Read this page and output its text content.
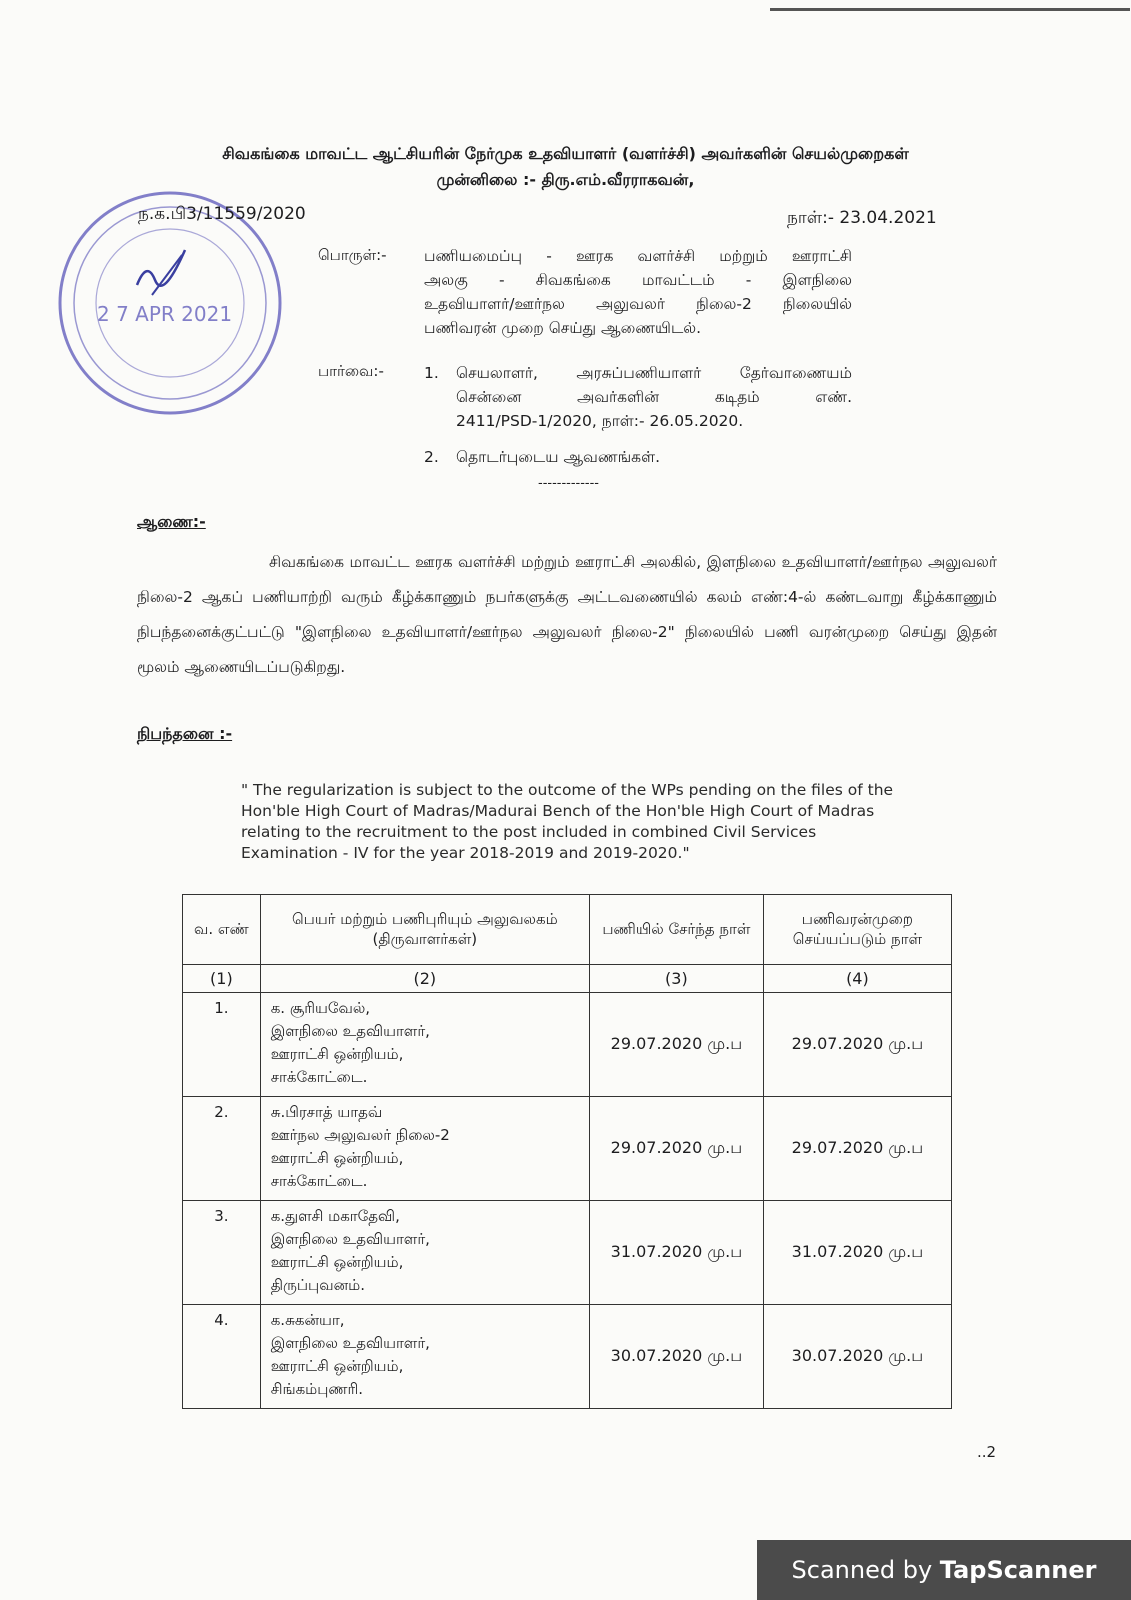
2 7 APR 2021
சிவகங்கை மாவட்ட ஆட்சியரின் நேர்முக உதவியாளர் (வளர்ச்சி) அவர்களின் செயல்முறைகள்
முன்னிலை :- திரு.எம்.வீரராகவன்,
ந.க.பி3/11559/2020	நாள்:- 23.04.2021
பொருள்:- பணியமைப்பு - ஊரக வளர்ச்சி மற்றும் ஊராட்சி
அலகு - சிவகங்கை மாவட்டம் - இளநிலை
உதவியாளர்/ஊர்நல அலுவலர் நிலை-2 நிலையில்
பணிவரன் முறை செய்து ஆணையிடல்.
பார்வை:-	1. செயலாளர், அரசுப்பணியாளர் தேர்வாணையம்
சென்னை அவர்களின் கடிதம் எண்.
2411/PSD-1/2020, நாள்:- 26.05.2020.
2. தொடர்புடைய ஆவணங்கள்.
-------------
ஆணை:-
சிவகங்கை மாவட்ட ஊரக வளர்ச்சி மற்றும் ஊராட்சி அலகில், இளநிலை உதவியாளர்/ஊர்நல அலுவலர் நிலை-2 ஆகப் பணியாற்றி வரும் கீழ்க்காணும் நபர்களுக்கு அட்டவணையில் கலம் எண்:4-ல் கண்டவாறு கீழ்க்காணும் நிபந்தனைக்குட்பட்டு "இளநிலை உதவியாளர்/ஊர்நல அலுவலர் நிலை-2" நிலையில் பணி வரன்முறை செய்து இதன் மூலம் ஆணையிடப்படுகிறது.
நிபந்தனை :-
" The regularization is subject to the outcome of the WPs pending on the files of the Hon'ble High Court of Madras/Madurai Bench of the Hon'ble High Court of Madras relating to the recruitment to the post included in combined Civil Services Examination - IV for the year 2018-2019 and 2019-2020."
வ. எண்	பெயர் மற்றும் பணிபுரியும் அலுவலகம் (திருவாளர்கள்)	பணியில் சேர்ந்த நாள்	பணிவரன்முறை செய்யப்படும் நாள்
(1)	(2)	(3)	(4)
1.	க. சூரியவேல்,
இளநிலை உதவியாளர்,
ஊராட்சி ஒன்றியம்,
சாக்கோட்டை.	29.07.2020 மு.ப	29.07.2020 மு.ப
2.	சு.பிரசாத் யாதவ்
ஊர்நல அலுவலர் நிலை-2
ஊராட்சி ஒன்றியம்,
சாக்கோட்டை.	29.07.2020 மு.ப	29.07.2020 மு.ப
3.	க.துளசி மகாதேவி,
இளநிலை உதவியாளர்,
ஊராட்சி ஒன்றியம்,
திருப்புவனம்.	31.07.2020 மு.ப	31.07.2020 மு.ப
4.	க.சுகன்யா,
இளநிலை உதவியாளர்,
ஊராட்சி ஒன்றியம்,
சிங்கம்புணரி.	30.07.2020 மு.ப	30.07.2020 மு.ப
..2
Scanned by TapScanner
